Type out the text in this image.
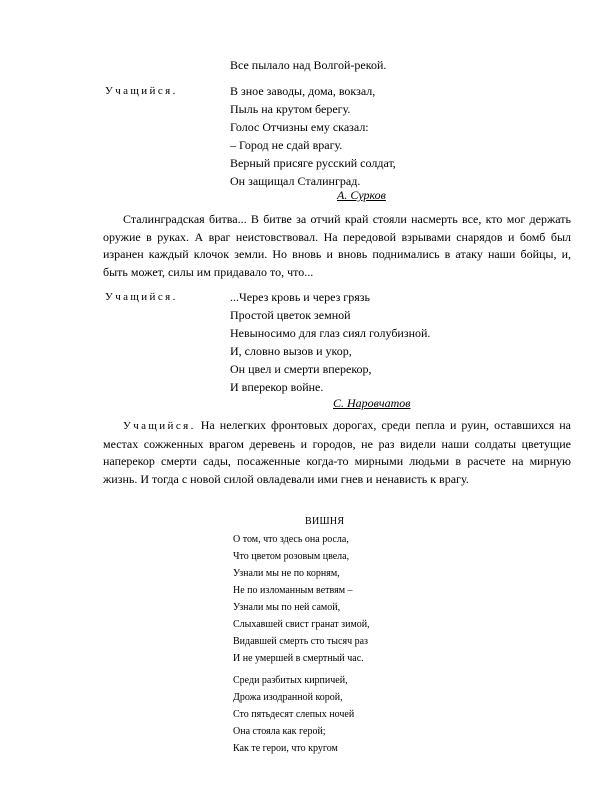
Все пылало над Волгой-рекой.
Учащийся.	В зное заводы, дома, вокзал,
Пыль на крутом берегу.
Голос Отчизны ему сказал:
– Город не сдай врагу.
Верный присяге русский солдат,
Он защищал Сталинград.
А. Сурков

Сталинградская битва... В битве за отчий край стояли насмерть все, кто мог держать оружие в руках. А враг неистовствовал. На передовой взрывами снарядов и бомб был изранен каждый клочок земли. Но вновь и вновь поднимались в атаку наши бойцы, и, быть может, силы им придавало то, что...

Учащийся.	...Через кровь и через грязь
Простой цветок земной
Невыносимо для глаз сиял голубизной.
И, словно вызов и укор,
Он цвел и смерти вперекор,
И вперекор войне.
С. Наровчатов

Учащийся. На нелегких фронтовых дорогах, среди пепла и руин, оставшихся на местах сожженных врагом деревень и городов, не раз видели наши солдаты цветущие наперекор смерти сады, посаженные когда-то мирными людьми в расчете на мирную жизнь. И тогда с новой силой овладевали ими гнев и ненависть к врагу.

ВИШНЯ
О том, что здесь она росла,
Что цветом розовым цвела,
Узнали мы не по корням,
Не по изломанным ветвям –
Узнали мы по ней самой,
Слыхавшей свист гранат зимой,
Видавшей смерть сто тысяч раз
И не умершей в смертный час.
Среди разбитых кирпичей,
Дрожа изодранной корой,
Сто пятьдесят слепых ночей
Она стояла как герой;
Как те герои, что кругом
